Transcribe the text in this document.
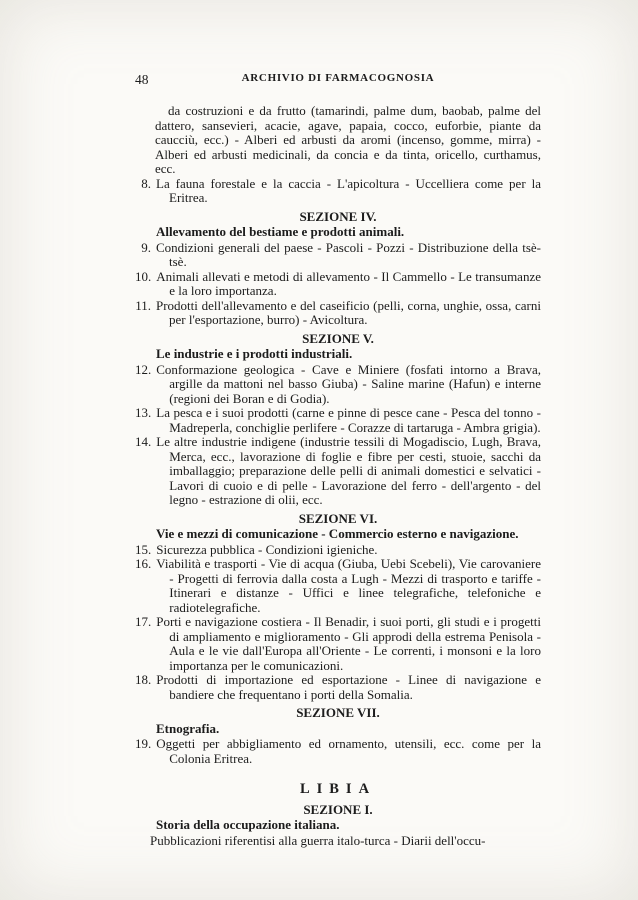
48	ARCHIVIO DI FARMACOGNOSIA
da costruzioni e da frutto (tamarindi, palme dum, baobab, palme del dattero, sansevieri, acacie, agave, papaia, cocco, euforbie, piante da caucciù, ecc.) - Alberi ed arbusti da aromi (incenso, gomme, mirra) - Alberi ed arbusti medicinali, da concia e da tinta, oricello, curthamus, ecc.
8. La fauna forestale e la caccia - L'apicoltura - Uccelliera come per la Eritrea.
SEZIONE IV.
Allevamento del bestiame e prodotti animali.
9. Condizioni generali del paese - Pascoli - Pozzi - Distribuzione della tsè-tsè.
10. Animali allevati e metodi di allevamento - Il Cammello - Le transumanze e la loro importanza.
11. Prodotti dell'allevamento e del caseificio (pelli, corna, unghie, ossa, carni per l'esportazione, burro) - Avicoltura.
SEZIONE V.
Le industrie e i prodotti industriali.
12. Conformazione geologica - Cave e Miniere (fosfati intorno a Brava, argille da mattoni nel basso Giuba) - Saline marine (Hafun) e interne (regioni dei Boran e di Godia).
13. La pesca e i suoi prodotti (carne e pinne di pesce cane - Pesca del tonno - Madreperla, conchiglie perlifere - Corazze di tartaruga - Ambra grigia).
14. Le altre industrie indigene (industrie tessili di Mogadiscio, Lugh, Brava, Merca, ecc., lavorazione di foglie e fibre per cesti, stuoie, sacchi da imballaggio; preparazione delle pelli di animali domestici e selvatici - Lavori di cuoio e di pelle - Lavorazione del ferro - dell'argento - del legno - estrazione di olii, ecc.
SEZIONE VI.
Vie e mezzi di comunicazione - Commercio esterno e navigazione.
15. Sicurezza pubblica - Condizioni igieniche.
16. Viabilità e trasporti - Vie di acqua (Giuba, Uebi Scebeli), Vie carovaniere - Progetti di ferrovia dalla costa a Lugh - Mezzi di trasporto e tariffe - Itinerari e distanze - Uffici e linee telegrafiche, telefoniche e radiotelegrafiche.
17. Porti e navigazione costiera - Il Benadir, i suoi porti, gli studi e i progetti di ampliamento e miglioramento - Gli approdi della estrema Penisola - Aula e le vie dall'Europa all'Oriente - Le correnti, i monsoni e la loro importanza per le comunicazioni.
18. Prodotti di importazione ed esportazione - Linee di navigazione e bandiere che frequentano i porti della Somalia.
SEZIONE VII.
Etnografia.
19. Oggetti per abbigliamento ed ornamento, utensili, ecc. come per la Colonia Eritrea.
LIBIA
SEZIONE I.
Storia della occupazione italiana.
Pubblicazioni riferentisi alla guerra italo-turca - Diarii dell'occu-
